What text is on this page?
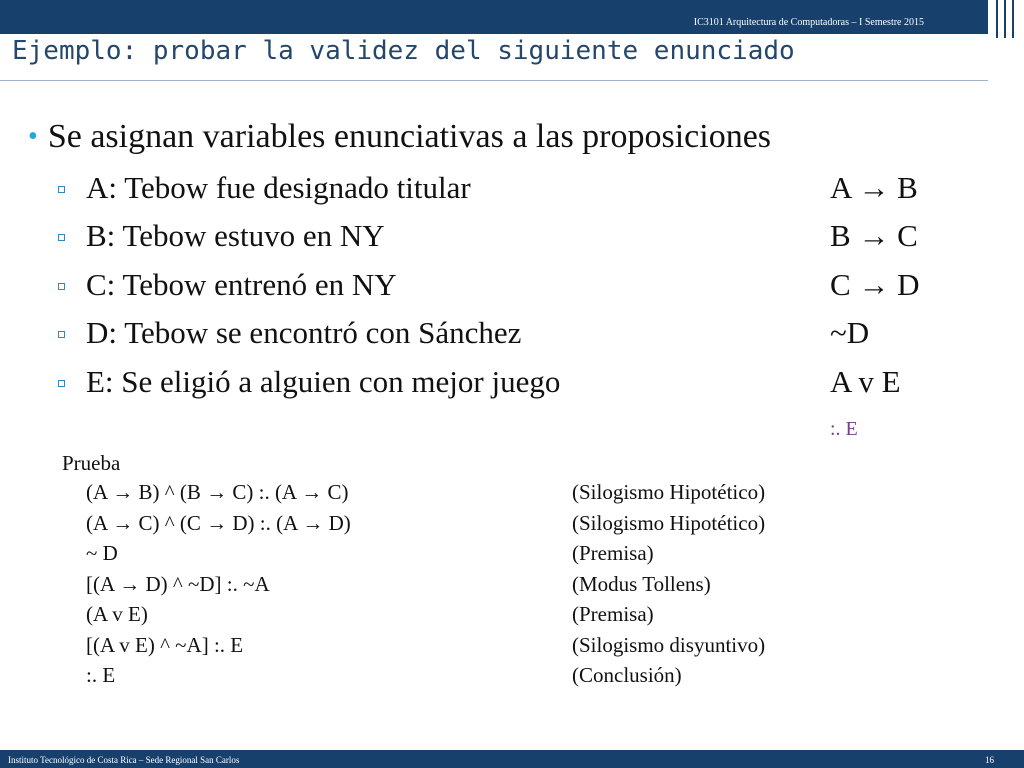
IC3101 Arquitectura de Computadoras – I Semestre 2015
Ejemplo: probar la validez del siguiente enunciado
• Se asignan variables enunciativas a las proposiciones
A: Tebow fue designado titular	A → B
B: Tebow estuvo en NY	B → C
C: Tebow entrenó en NY	C → D
D: Tebow se encontró con Sánchez	~D
E: Se eligió a alguien con mejor juego	A v E
:. E
Prueba
(A → B) ^ (B → C) :. (A → C)	(Silogismo Hipotético)
(A → C) ^ (C → D) :. (A → D)	(Silogismo Hipotético)
~ D	(Premisa)
[(A → D) ^ ~D] :. ~A	(Modus Tollens)
(A v E)	(Premisa)
[(A v E) ^ ~A] :. E	(Silogismo disyuntivo)
:. E	(Conclusión)
Instituto Tecnológico de Costa Rica – Sede Regional San Carlos	16
